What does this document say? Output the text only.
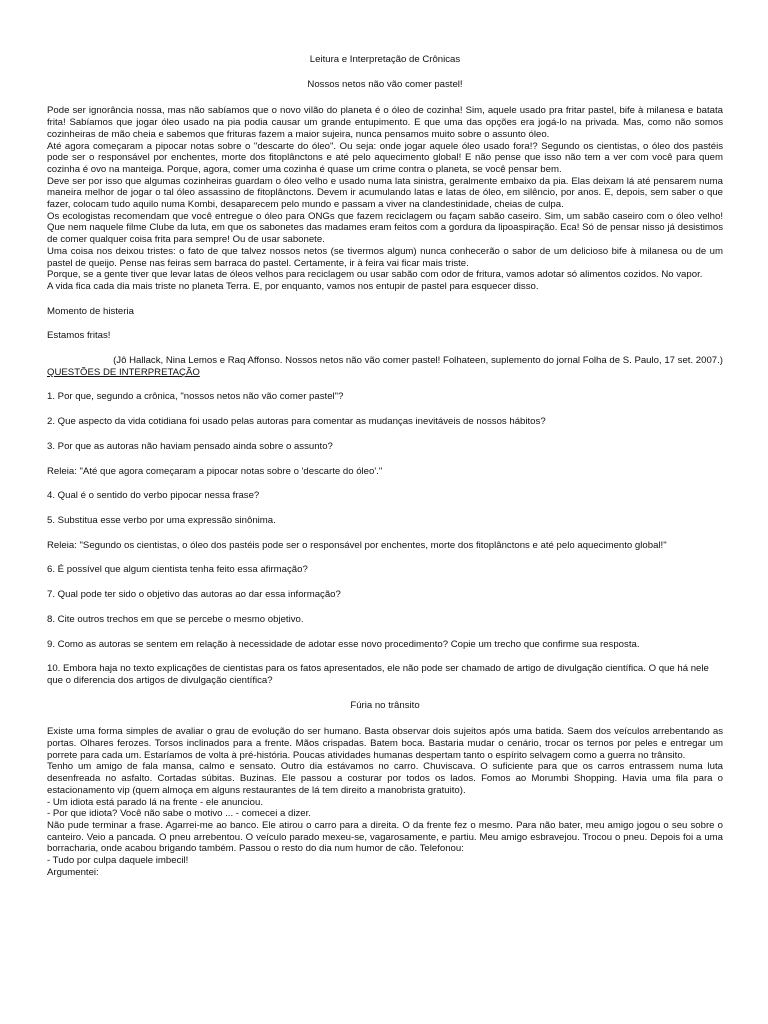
Leitura e Interpretação de Crônicas

Nossos netos não vão comer pastel!

Pode ser ignorância nossa, mas não sabíamos que o novo vilão do planeta é o óleo de cozinha! Sim, aquele usado pra fritar pastel, bife à milanesa e batata frita! Sabíamos que jogar óleo usado na pia podia causar um grande entupimento. E que uma das opções era jogá-lo na privada. Mas, como não somos cozinheiras de mão cheia e sabemos que frituras fazem a maior sujeira, nunca pensamos muito sobre o assunto óleo.

Até agora começaram a pipocar notas sobre o "descarte do óleo". Ou seja: onde jogar aquele óleo usado fora!? Segundo os cientistas, o óleo dos pastéis pode ser o responsável por enchentes, morte dos fitoplânctons e até pelo aquecimento global! E não pense que isso não tem a ver com você para quem cozinha é ovo na manteiga. Porque, agora, comer uma cozinha é quase um crime contra o planeta, se você pensar bem.

Deve ser por isso que algumas cozinheiras guardam o óleo velho e usado numa lata sinistra, geralmente embaixo da pia. Elas deixam lá até pensarem numa maneira melhor de jogar o tal óleo assassino de fitoplânctons. Devem ir acumulando latas e latas de óleo, em silêncio, por anos. E, depois, sem saber o que fazer, colocam tudo aquilo numa Kombi, desaparecem pelo mundo e passam a viver na clandestinidade, cheias de culpa.

Os ecologistas recomendam que você entregue o óleo para ONGs que fazem reciclagem ou façam sabão caseiro. Sim, um sabão caseiro com o óleo velho! Que nem naquele filme Clube da luta, em que os sabonetes das madames eram feitos com a gordura da lipoaspiração. Eca! Só de pensar nisso já desistimos de comer qualquer coisa frita para sempre! Ou de usar sabonete.

Uma coisa nos deixou tristes: o fato de que talvez nossos netos (se tivermos algum) nunca conhecerão o sabor de um delicioso bife à milanesa ou de um pastel de queijo. Pense nas feiras sem barraca do pastel. Certamente, ir à feira vai ficar mais triste.

Porque, se a gente tiver que levar latas de óleos velhos para reciclagem ou usar sabão com odor de fritura, vamos adotar só alimentos cozidos. No vapor.

A vida fica cada dia mais triste no planeta Terra. E, por enquanto, vamos nos entupir de pastel para esquecer disso.

Momento de histeria

Estamos fritas!

(Jô Hallack, Nina Lemos e Raq Affonso. Nossos netos não vão comer pastel! Folhateen, suplemento do jornal Folha de S. Paulo, 17 set. 2007.)

QUESTÕES DE INTERPRETAÇÃO

1. Por que, segundo a crônica, "nossos netos não vão comer pastel"?

2. Que aspecto da vida cotidiana foi usado pelas autoras para comentar as mudanças inevitáveis de nossos hábitos?

3. Por que as autoras não haviam pensado ainda sobre o assunto?

Releia: "Até que agora começaram a pipocar notas sobre o 'descarte do óleo'."

4. Qual é o sentido do verbo pipocar nessa frase?

5. Substitua esse verbo por uma expressão sinônima.

Releia: "Segundo os cientistas, o óleo dos pastéis pode ser o responsável por enchentes, morte dos fitoplânctons e até pelo aquecimento global!"

6. É possível que algum cientista tenha feito essa afirmação?

7. Qual pode ter sido o objetivo das autoras ao dar essa informação?

8. Cite outros trechos em que se percebe o mesmo objetivo.

9. Como as autoras se sentem em relação à necessidade de adotar esse novo procedimento? Copie um trecho que confirme sua resposta.

10. Embora haja no texto explicações de cientistas para os fatos apresentados, ele não pode ser chamado de artigo de divulgação científica. O que há nele que o diferencia dos artigos de divulgação científica?

Fúria no trânsito

Existe uma forma simples de avaliar o grau de evolução do ser humano. Basta observar dois sujeitos após uma batida. Saem dos veículos arrebentando as portas. Olhares ferozes. Torsos inclinados para a frente. Mãos crispadas. Batem boca. Bastaria mudar o cenário, trocar os ternos por peles e entregar um porrete para cada um. Estaríamos de volta à pré-história. Poucas atividades humanas despertam tanto o espírito selvagem como a guerra no trânsito.

Tenho um amigo de fala mansa, calmo e sensato. Outro dia estávamos no carro. Chuviscava. O suficiente para que os carros entrassem numa luta desenfreada no asfalto. Cortadas súbitas. Buzinas. Ele passou a costurar por todos os lados. Fomos ao Morumbi Shopping. Havia uma fila para o estacionamento vip (quem almoça em alguns restaurantes de lá tem direito a manobrista gratuito).

- Um idiota está parado lá na frente - ele anunciou.

- Por que idiota? Você não sabe o motivo ... - comecei a dizer.

Não pude terminar a frase. Agarrei-me ao banco. Ele atirou o carro para a direita. O da frente fez o mesmo. Para não bater, meu amigo jogou o seu sobre o canteiro. Veio a pancada. O pneu arrebentou. O veículo parado mexeu-se, vagarosamente, e partiu. Meu amigo esbravejou. Trocou o pneu. Depois foi a uma borracharia, onde acabou brigando também. Passou o resto do dia num humor de cão. Telefonou:

- Tudo por culpa daquele imbecil!

Argumentei:
